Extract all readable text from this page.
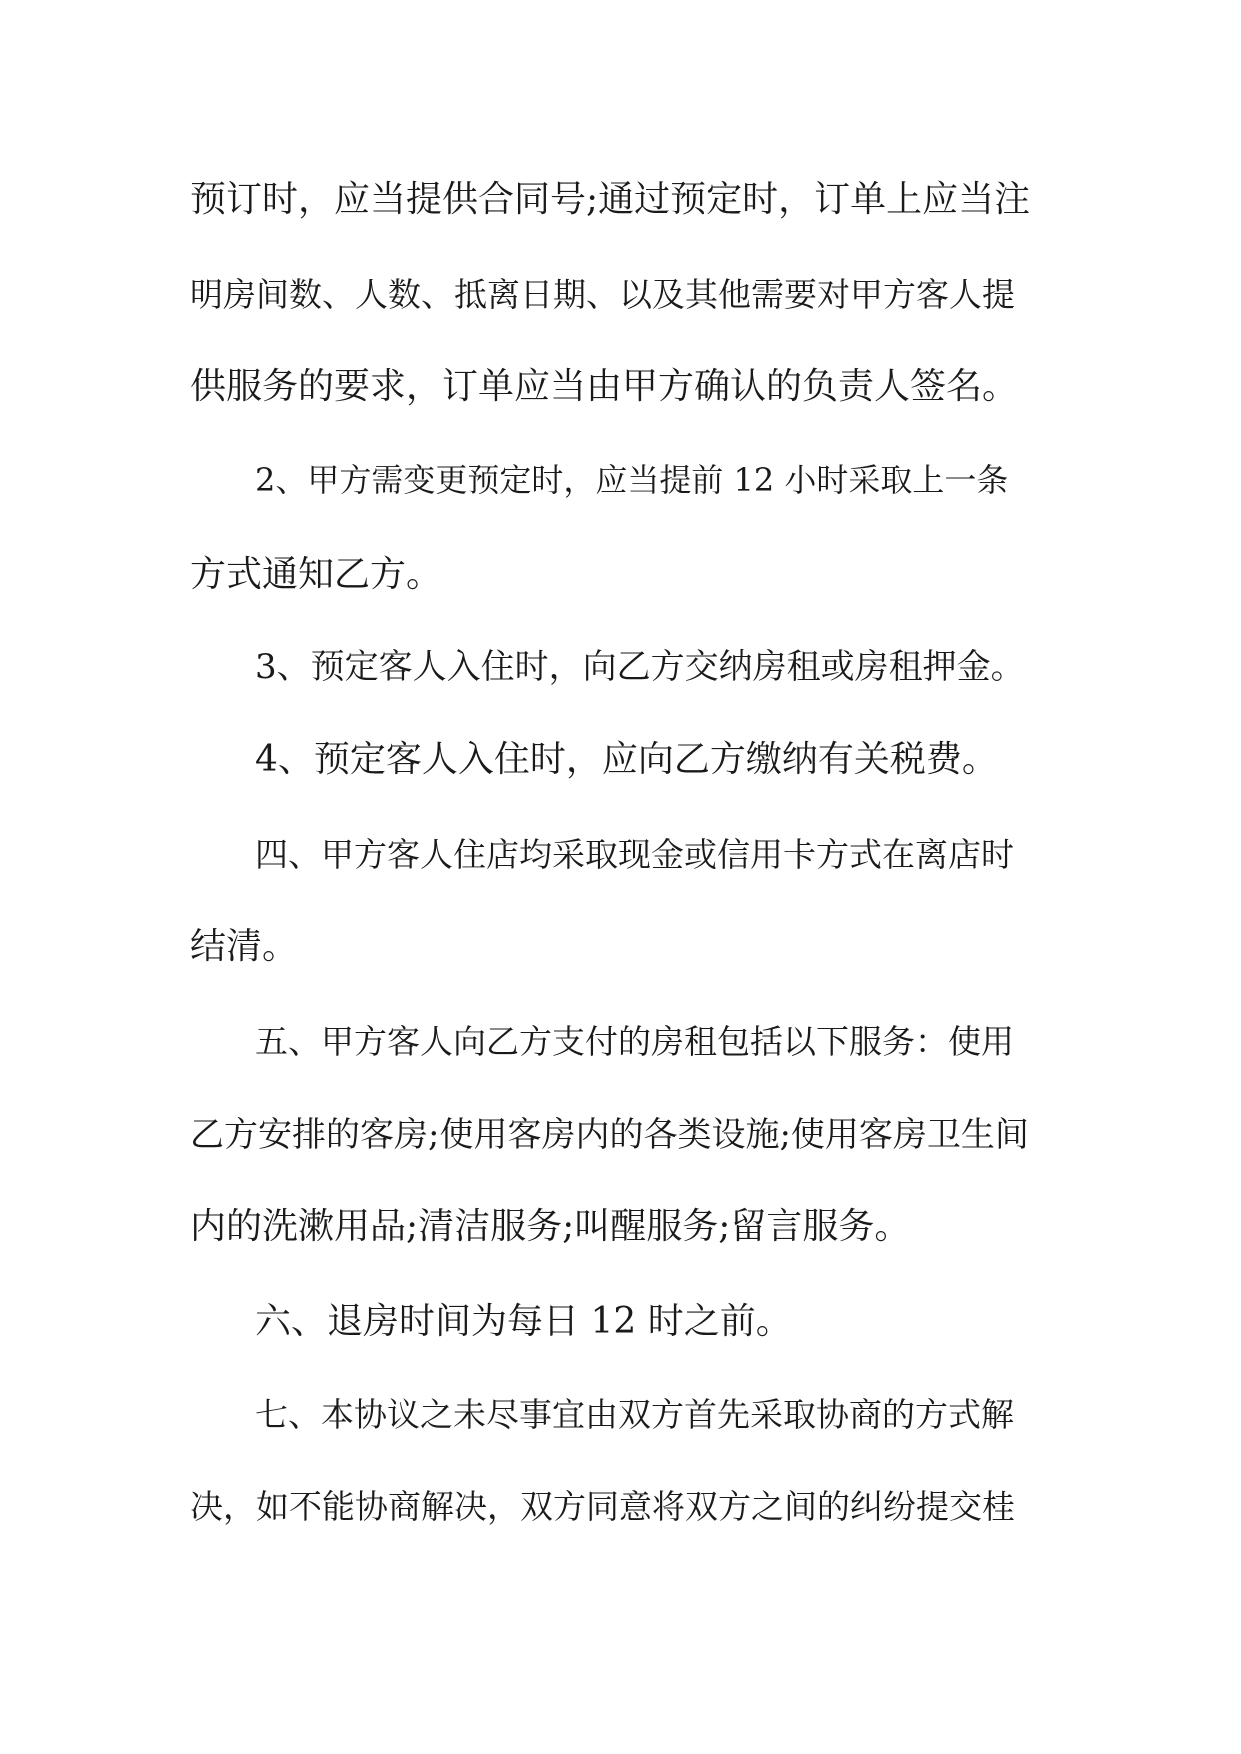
预订时，应当提供合同号;通过 预定时，订单上应当注
明房间数、人数、抵离日期、以及其他需要对甲方客人提
供服务的要求，订单应当由甲方确认的负责人签名。
2、甲方需变更预定时，应当提前 12 小时采取上一条
方式通知乙方。
3、预定客人入住时，向乙方交纳房租或房租押金。
4、预定客人入住时，应向乙方缴纳有关税费。
四、甲方客人住店均采取现金或信用卡方式在离店时
结清。
五、甲方客人向乙方支付的房租包括以下服务：使用
乙方安排的客房;使用客房内的各类设施;使用客房卫生间
内的洗漱用品;清洁服务;叫醒服务;留言服务。
六、退房时间为每日 12 时之前。
七、本协议之未尽事宜由双方首先采取协商的方式解
决，如不能协商解决，双方同意将双方之间的纠纷提交桂
